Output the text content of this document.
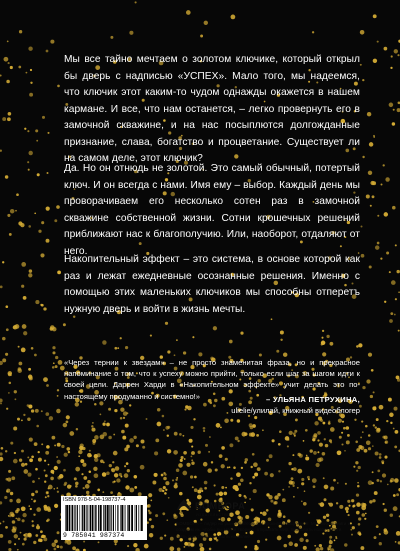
Мы все тайно мечтаем о золотом ключике, который открыл бы дверь с надписью «УСПЕХ». Мало того, мы надеемся, что ключик этот каким-то чудом однажды окажется в нашем кармане. И все, что нам останется, – легко провернуть его в замочной скважине, и на нас посыплются долгожданные признание, слава, богатство и процветание. Существует ли на самом деле, этот ключик?

Да. Но он отнюдь не золотой. Это самый обычный, потертый ключ. И он всегда с нами. Имя ему – выбор. Каждый день мы проворачиваем его несколько сотен раз в замочной скважине собственной жизни. Сотни крошечных решений приближают нас к благополучию. Или, наоборот, отдаляют от него.

Накопительный эффект – это система, в основе которой как раз и лежат ежедневные осознанные решения. Именно с помощью этих маленьких ключиков мы способны отперетъ нужную дверь и войти в жизнь мечты.

«Через тернии к звездам» – не просто знаменитая фраза, но и прекрасное напоминание о том, что к успеху можно прийти, только если шаг за шагом идти к своей цели. Даррен Харди в «Накопительном эффекте» учит делать это по-настоящему продуманно и системно!»	– УЛЬЯНА ПЕТРУХИНА,
ulielie/улилай, книжный видеоблогер
ISBN 978-5-04-198737-4
9 785041 987374
БОМБОРА
ИЗДАТЕЛЬСТВО

БОМБОРА – лидер на рынке полезных и вдохновляющих книг. Мы любим книги и создаем их, чтобы вы могли творить, открывать мир, пробовать новое, расти. Быть счастливыми. Быть на волне.
